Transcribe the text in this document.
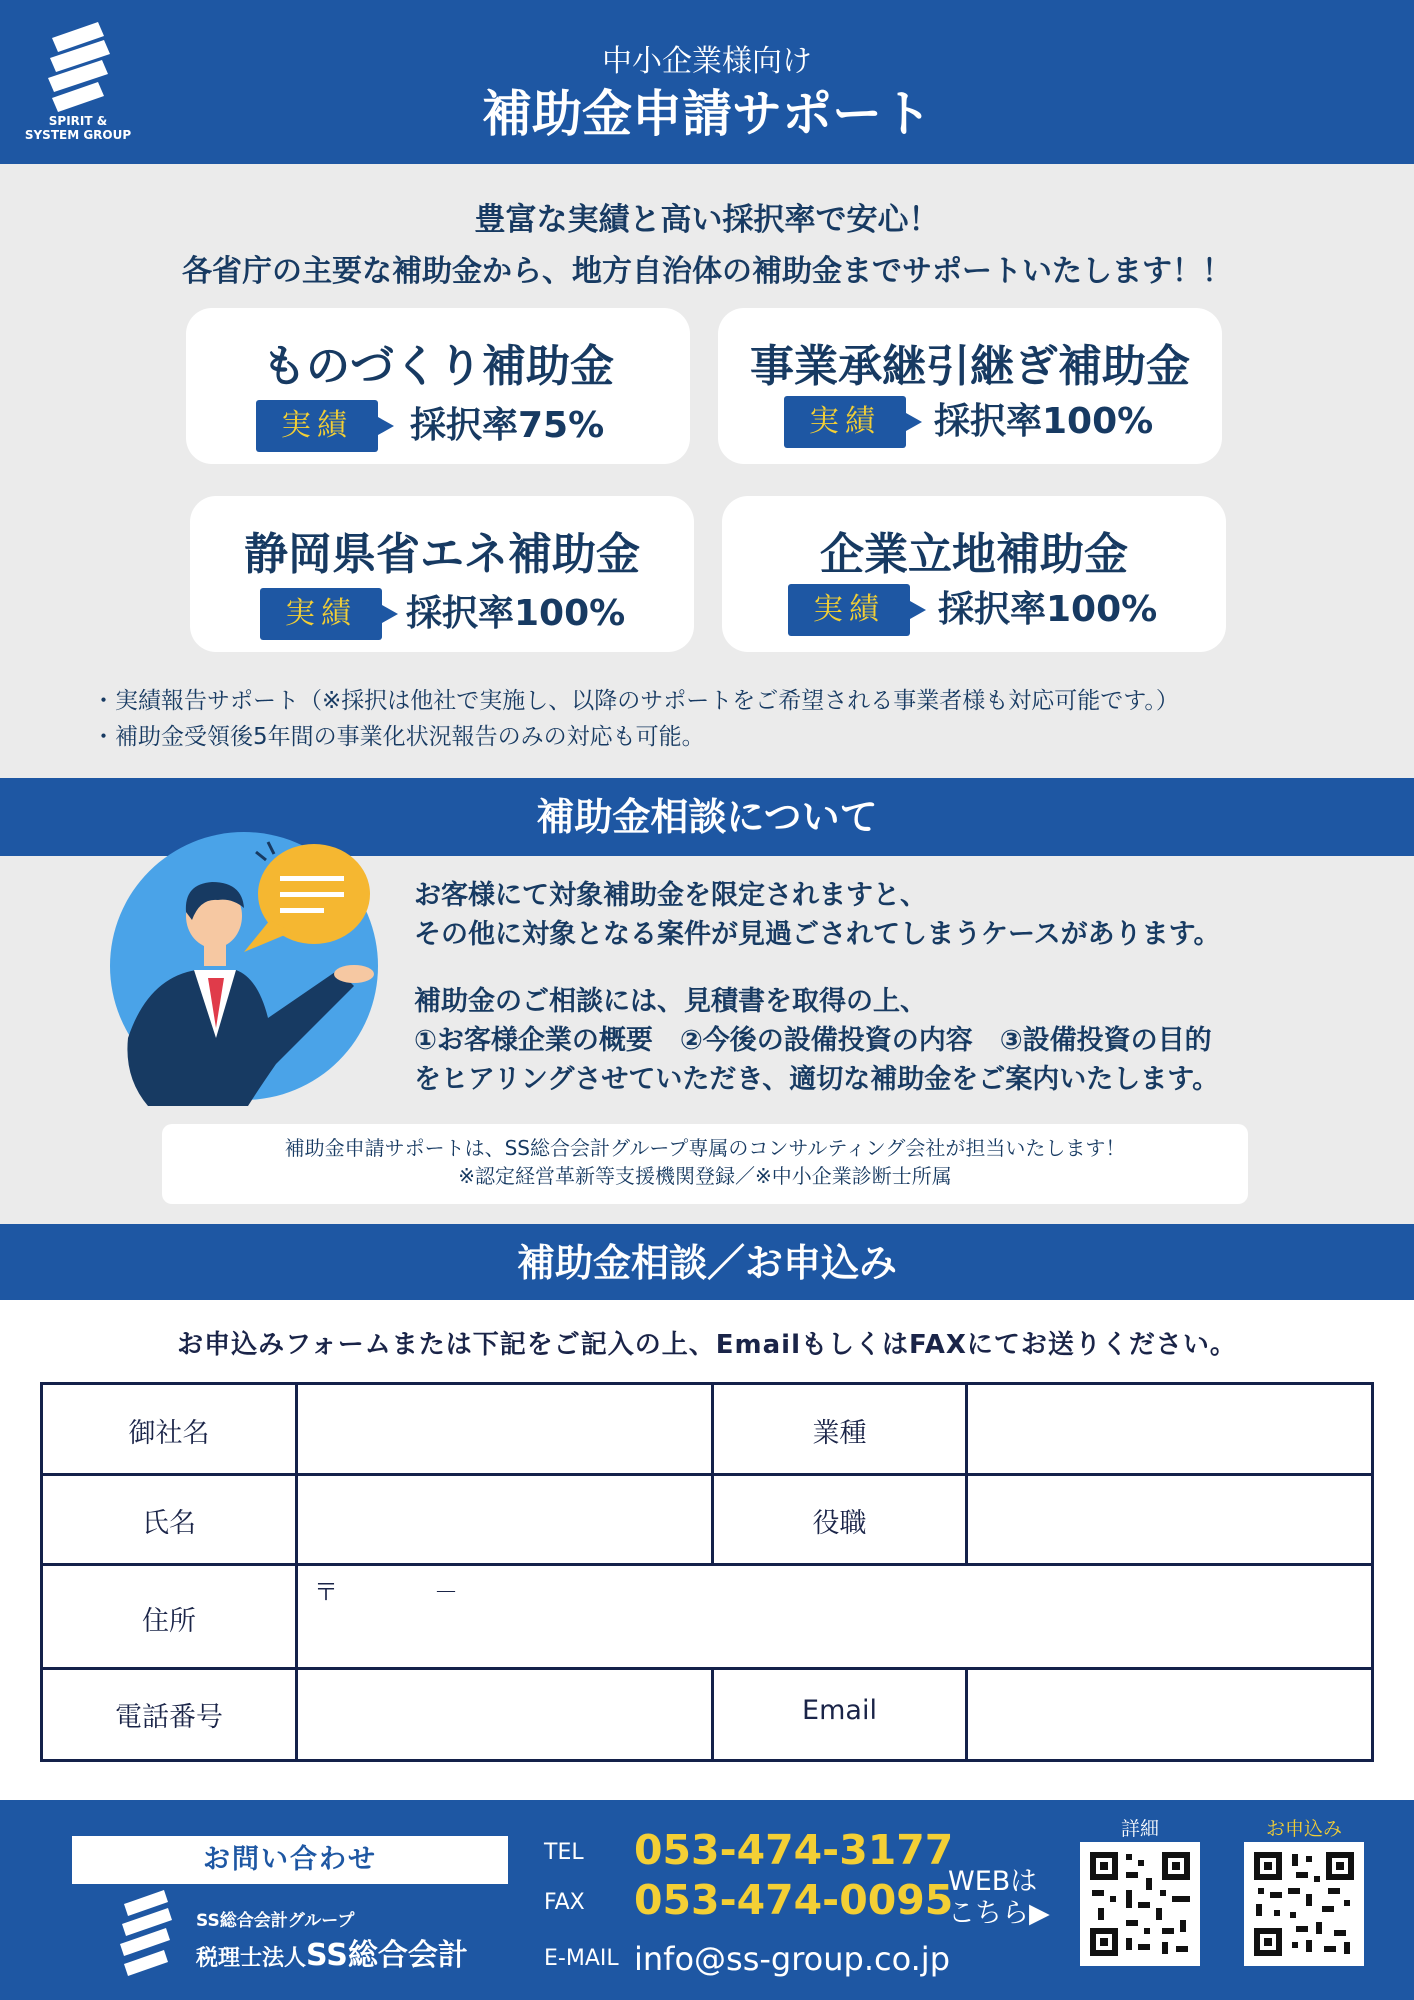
SPIRIT & SYSTEM GROUP
中小企業様向け
補助金申請サポート
豊富な実績と高い採択率で安心！
各省庁の主要な補助金から、地方自治体の補助金までサポートいたします！！
ものづくり補助金
実績	採択率75%
事業承継引継ぎ補助金
実績	採択率100%
静岡県省エネ補助金
実績	採択率100%
企業立地補助金
実績	採択率100%
・実績報告サポート（※採択は他社で実施し、以降のサポートをご希望される事業者様も対応可能です。）
・補助金受領後5年間の事業化状況報告のみの対応も可能。
補助金相談について
お客様にて対象補助金を限定されますと、
その他に対象となる案件が見過ごされてしまうケースがあります。
補助金のご相談には、見積書を取得の上、
①お客様企業の概要　②今後の設備投資の内容　③設備投資の目的
をヒアリングさせていただき、適切な補助金をご案内いたします。
補助金申請サポートは、SS総合会計グループ専属のコンサルティング会社が担当いたします！
※認定経営革新等支援機関登録／※中小企業診断士所属
補助金相談／お申込み
お申込みフォームまたは下記をご記入の上、EmailもしくはFAXにてお送りください。
御社名	業種
氏名	役職
住所
〒　　　　－
電話番号	Email
お問い合わせ
SS総合会計グループ
税理士法人SS総合会計
TEL 053-474-3177
FAX 053-474-0095
E-MAIL info@ss-group.co.jp
WEBは
こちら▶
詳細	お申込み
